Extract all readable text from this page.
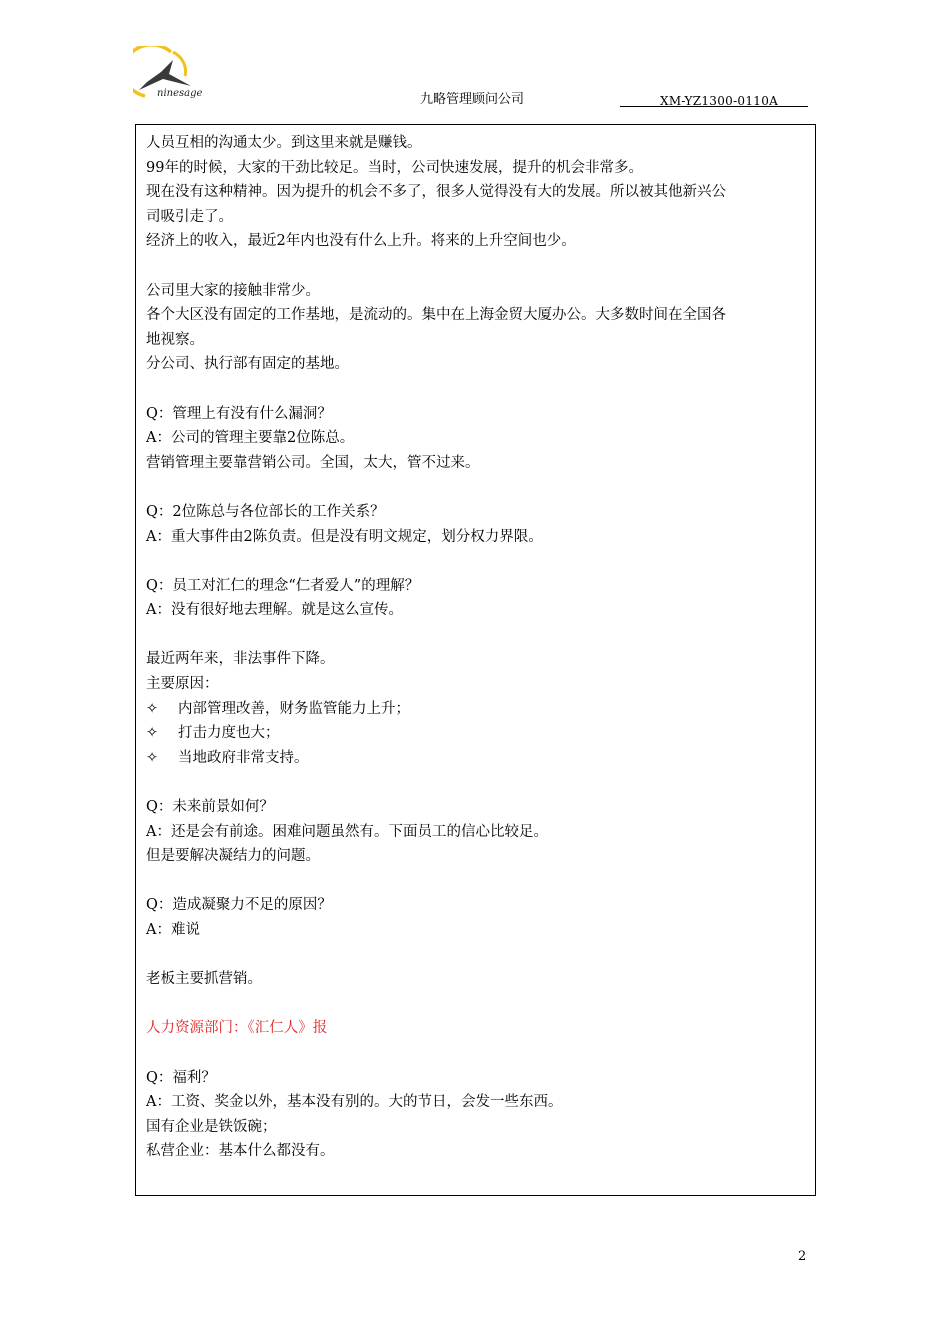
ninesage	九略管理顾问公司	XM-YZ1300-0110A
人员互相的沟通太少。到这里来就是赚钱。
99年的时候，大家的干劲比较足。当时，公司快速发展，提升的机会非常多。
现在没有这种精神。因为提升的机会不多了，很多人觉得没有大的发展。所以被其他新兴公
司吸引走了。
经济上的收入，最近2年内也没有什么上升。将来的上升空间也少。
公司里大家的接触非常少。
各个大区没有固定的工作基地，是流动的。集中在上海金贸大厦办公。大多数时间在全国各
地视察。
分公司、执行部有固定的基地。
Q：管理上有没有什么漏洞？
A：公司的管理主要靠2位陈总。
营销管理主要靠营销公司。全国，太大，管不过来。
Q：2位陈总与各位部长的工作关系？
A：重大事件由2陈负责。但是没有明文规定，划分权力界限。
Q：员工对汇仁的理念“仁者爱人”的理解？
A：没有很好地去理解。就是这么宣传。
最近两年来，非法事件下降。
主要原因：
✧ 内部管理改善，财务监管能力上升；
✧ 打击力度也大；
✧ 当地政府非常支持。
Q：未来前景如何？
A：还是会有前途。困难问题虽然有。下面员工的信心比较足。
但是要解决凝结力的问题。
Q：造成凝聚力不足的原因？
A：难说
老板主要抓营销。
人力资源部门：《汇仁人》报
Q：福利？
A：工资、奖金以外，基本没有别的。大的节日，会发一些东西。
国有企业是铁饭碗；
私营企业：基本什么都没有。
2
